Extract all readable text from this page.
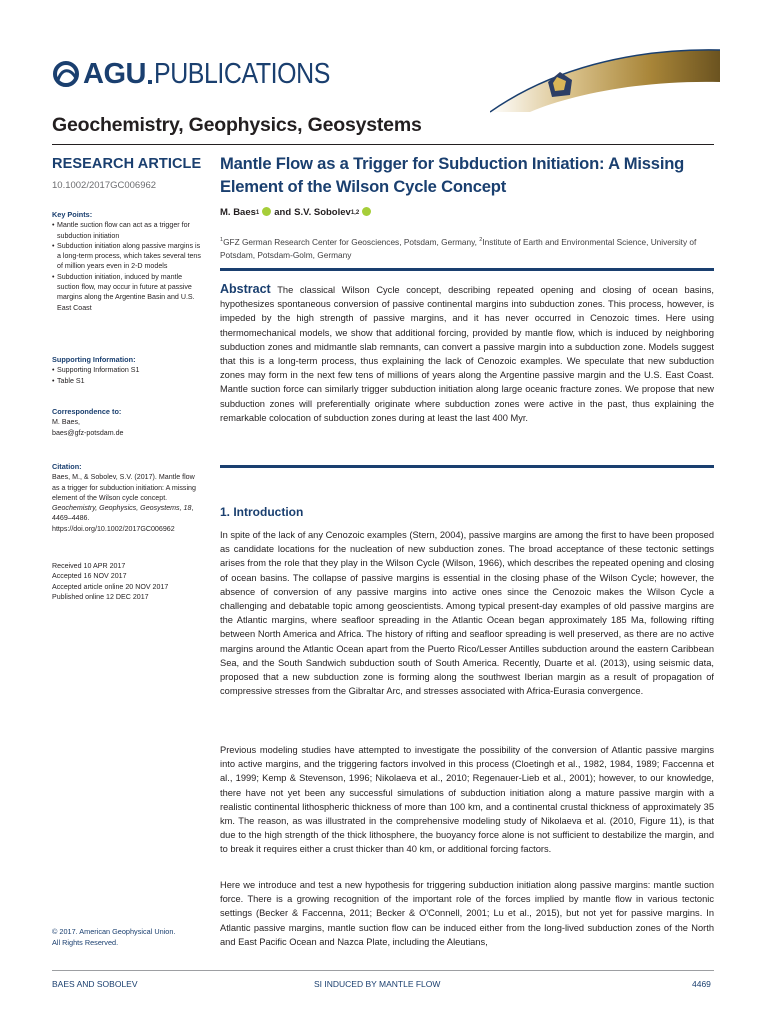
AGU PUBLICATIONS
Geochemistry, Geophysics, Geosystems
RESEARCH ARTICLE
10.1002/2017GC006962
Key Points:
• Mantle suction flow can act as a trigger for subduction initiation
• Subduction initiation along passive margins is a long-term process, which takes several tens of million years even in 2-D models
• Subduction initiation, induced by mantle suction flow, may occur in future at passive margins along the Argentine Basin and U.S. East Coast
Supporting Information:
• Supporting Information S1
• Table S1
Correspondence to:

M. Baes,

baes@gfz-potsdam.de

Citation:

Baes, M., & Sobolev, S.V. (2017). Mantle flow as a trigger for subduction initiation: A missing element of the Wilson cycle concept. Geochemistry, Geophysics, Geosystems, 18, 4469–4486. https://doi.org/10.1002/2017GC006962

Received 10 APR 2017

Accepted 16 NOV 2017

Accepted article online 20 NOV 2017

Published online 12 DEC 2017

© 2017. American Geophysical Union.
All Rights Reserved.
Mantle Flow as a Trigger for Subduction Initiation: A Missing Element of the Wilson Cycle Concept
M. Baes 1 and S.V. Sobolev 1,2
$^1$GFZ German Research Center for Geosciences, Potsdam, Germany, $^2$Institute of Earth and Environmental Science, University of Potsdam, Potsdam-Golm, Germany
Abstract The classical Wilson Cycle concept, describing repeated opening and closing of ocean basins, hypothesizes spontaneous conversion of passive continental margins into subduction zones. This process, however, is impeded by the high strength of passive margins, and it has never occurred in Cenozoic times. Here using thermomechanical models, we show that additional forcing, provided by mantle flow, which is induced by neighboring subduction zones and midmantle slab remnants, can convert a passive margin into a subduction zone. Models suggest that this is a long-term process, thus explaining the lack of Cenozoic examples. We speculate that new subduction zones may form in the next few tens of millions of years along the Argentine passive margin and the U.S. East Coast. Mantle suction force can similarly trigger subduction initiation along large oceanic fracture zones. We propose that new subduction zones will preferentially originate where subduction zones were active in the past, thus explaining the remarkable colocation of subduction zones during at least the last 400 Myr.
1. Introduction
In spite of the lack of any Cenozoic examples (Stern, 2004), passive margins are among the first to have been proposed as candidate locations for the nucleation of new subduction zones. The broad acceptance of these tectonic settings arises from the role that they play in the Wilson Cycle (Wilson, 1966), which describes the repeated opening and closing of ocean basins. The collapse of passive margins is essential in the closing phase of the Wilson Cycle; however, the absence of conversion of any passive margins into active ones since the Cenozoic makes the Wilson Cycle a challenging and debatable topic among geoscientists. Among typical present-day examples of old passive margins are the Atlantic margins, where seafloor spreading in the Atlantic Ocean began approximately 185 Ma, following rifting between North America and Africa. The history of rifting and seafloor spreading is well preserved, as there are no active margins around the Atlantic Ocean apart from the Puerto Rico/Lesser Antilles subduction around the eastern Caribbean Sea, and the South Sandwich subduction south of South America. Recently, Duarte et al. (2013), using seismic data, proposed that a new subduction zone is forming along the southwest Iberian margin as a result of propagation of compressive stresses from the Gibraltar Arc, and stresses associated with Africa-Eurasia convergence.
Previous modeling studies have attempted to investigate the possibility of the conversion of Atlantic passive margins into active margins, and the triggering factors involved in this process (Cloetingh et al., 1982, 1984, 1989; Faccenna et al., 1999; Kemp & Stevenson, 1996; Nikolaeva et al., 2010; Regenauer-Lieb et al., 2001); however, to our knowledge, there have not yet been any successful simulations of subduction initiation along a mature passive margin with a realistic continental lithospheric thickness of more than 100 km, and a continental crustal thickness of approximately 35 km. The reason, as was illustrated in the comprehensive modeling study of Nikolaeva et al. (2010, Figure 11), is that due to the high strength of the thick lithosphere, the buoyancy force alone is not sufficient to destabilize the margin, and to break it requires either a crust thicker than 40 km, or additional forcing factors.
Here we introduce and test a new hypothesis for triggering subduction initiation along passive margins: mantle suction force. There is a growing recognition of the important role of the forces implied by mantle flow in various tectonic settings (Becker & Faccenna, 2011; Becker & O'Connell, 2001; Lu et al., 2015), but not yet for passive margins. In Atlantic passive margins, mantle suction flow can be induced either from the long-lived subduction zones of the North and East Pacific Ocean and Nazca Plate, including the Aleutians,
BAES AND SOBOLEV	SI INDUCED BY MANTLE FLOW	4469
